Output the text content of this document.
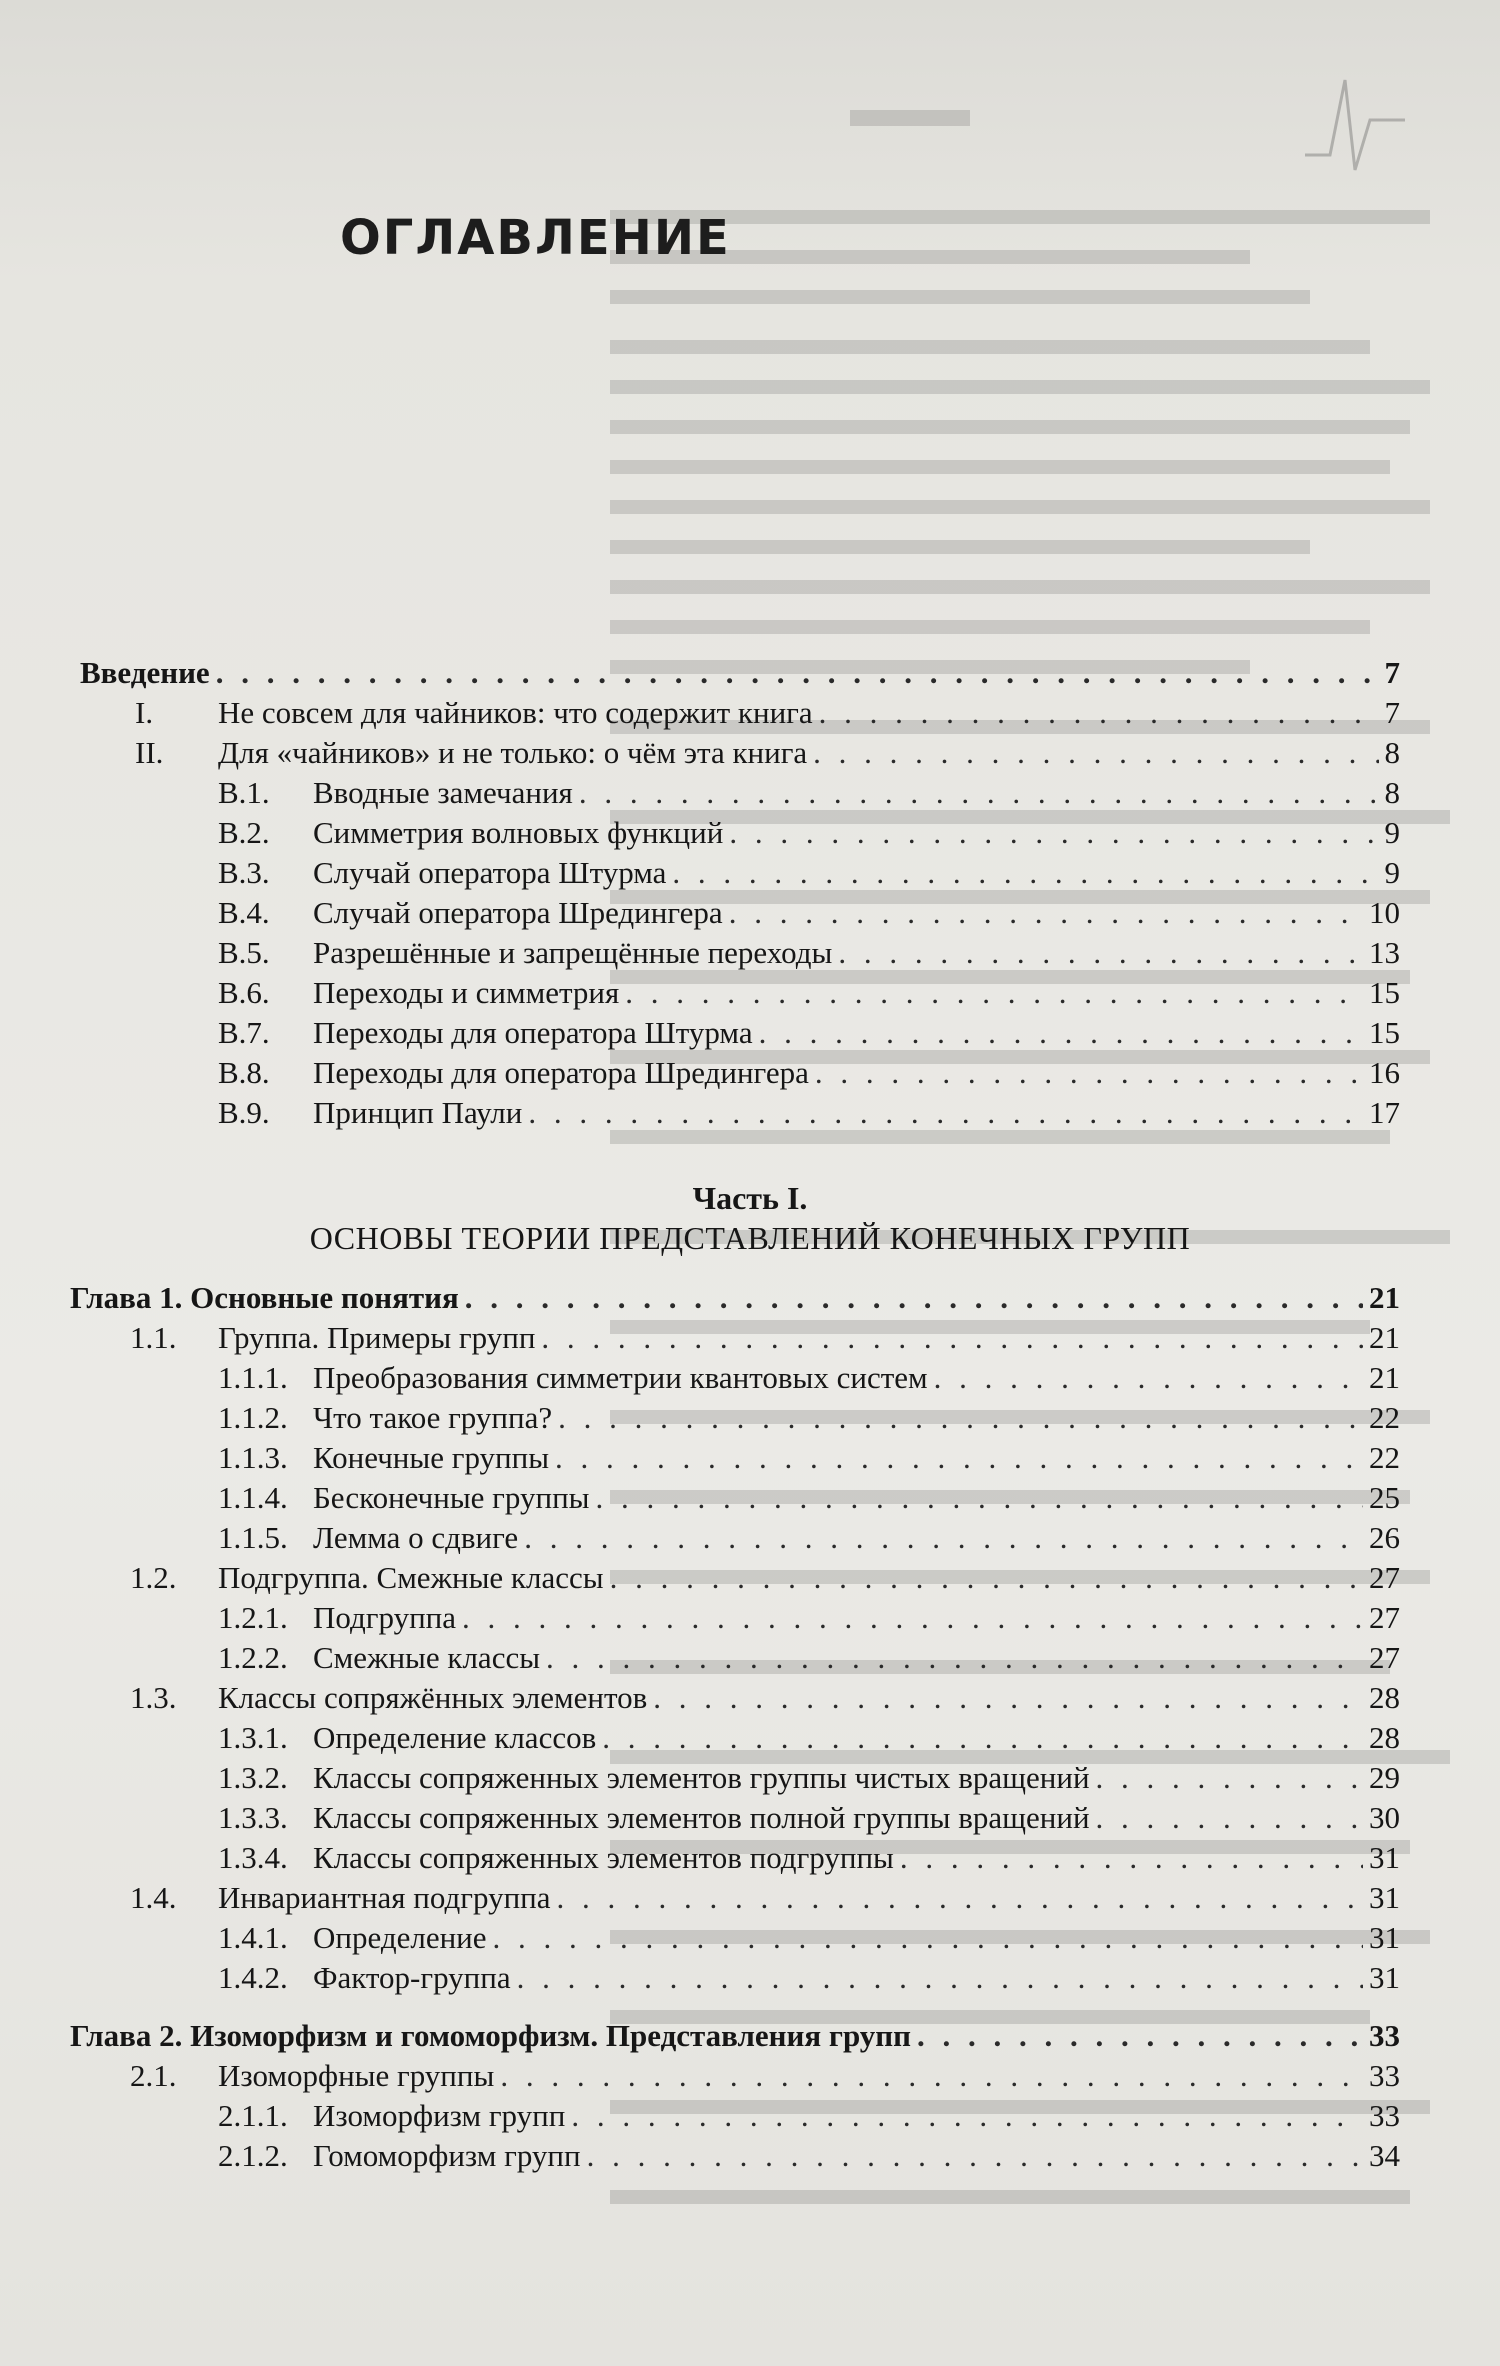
ОГЛАВЛЕНИЕ
Введение . . .	7
I. Не совсем для чайников: что содержит книга . . .	7
II. Для «чайников» и не только: о чём эта книга . . .	8
B.1. Вводные замечания . . .	8
B.2. Симметрия волновых функций . . .	9
B.3. Случай оператора Штурма . . .	9
B.4. Случай оператора Шредингера . . .	10
B.5. Разрешённые и запрещённые переходы . . .	13
B.6. Переходы и симметрия . . .	15
B.7. Переходы для оператора Штурма . . .	15
B.8. Переходы для оператора Шредингера . . .	16
B.9. Принцип Паули . . .	17
Часть I.
ОСНОВЫ ТЕОРИИ ПРЕДСТАВЛЕНИЙ КОНЕЧНЫХ ГРУПП
Глава 1. Основные понятия . . .	21
1.1. Группа. Примеры групп . . .	21
1.1.1. Преобразования симметрии квантовых систем . . .	21
1.1.2. Что такое группа? . . .	22
1.1.3. Конечные группы . . .	22
1.1.4. Бесконечные группы . . .	25
1.1.5. Лемма о сдвиге . . .	26
1.2. Подгруппа. Смежные классы . . .	27
1.2.1. Подгруппа . . .	27
1.2.2. Смежные классы . . .	27
1.3. Классы сопряжённых элементов . . .	28
1.3.1. Определение классов . . .	28
1.3.2. Классы сопряженных элементов группы чистых вращений . . .	29
1.3.3. Классы сопряженных элементов полной группы вращений . . .	30
1.3.4. Классы сопряженных элементов подгруппы . . .	31
1.4. Инвариантная подгруппа . . .	31
1.4.1. Определение . . .	31
1.4.2. Фактор-группа . . .	31
Глава 2. Изоморфизм и гомоморфизм. Представления групп . . .	33
2.1. Изоморфные группы . . .	33
2.1.1. Изоморфизм групп . . .	33
2.1.2. Гомоморфизм групп . . .	34
